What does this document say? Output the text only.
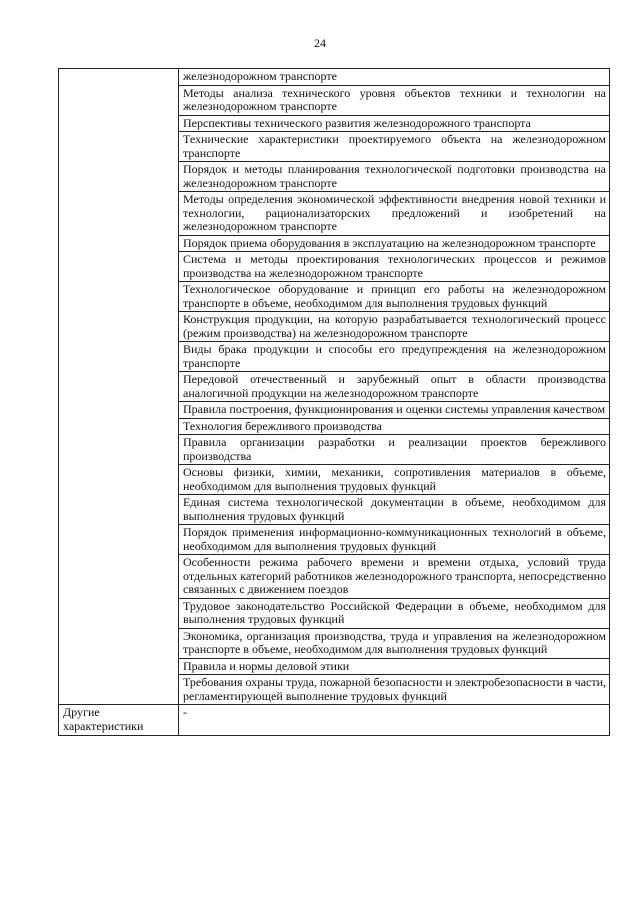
24
	железнодорожном транспорте
	Методы анализа технического уровня объектов техники и технологии на железнодорожном транспорте
	Перспективы технического развития железнодорожного транспорта
	Технические характеристики проектируемого объекта на железнодорожном транспорте
	Порядок и методы планирования технологической подготовки производства на железнодорожном транспорте
	Методы определения экономической эффективности внедрения новой техники и технологии, рационализаторских предложений и изобретений на железнодорожном транспорте
	Порядок приема оборудования в эксплуатацию на железнодорожном транспорте
	Система и методы проектирования технологических процессов и режимов производства на железнодорожном транспорте
	Технологическое оборудование и принцип его работы на железнодорожном транспорте в объеме, необходимом для выполнения трудовых функций
	Конструкция продукции, на которую разрабатывается технологический процесс (режим производства) на железнодорожном транспорте
	Виды брака продукции и способы его предупреждения на железнодорожном транспорте
	Передовой отечественный и зарубежный опыт в области производства аналогичной продукции на железнодорожном транспорте
	Правила построения, функционирования и оценки системы управления качеством
	Технология бережливого производства
	Правила организации разработки и реализации проектов бережливого производства
	Основы физики, химии, механики, сопротивления материалов в объеме, необходимом для выполнения трудовых функций
	Единая система технологической документации в объеме, необходимом для выполнения трудовых функций
	Порядок применения информационно-коммуникационных технологий в объеме, необходимом для выполнения трудовых функций
	Особенности режима рабочего времени и времени отдыха, условий труда отдельных категорий работников железнодорожного транспорта, непосредственно связанных с движением поездов
	Трудовое законодательство Российской Федерации в объеме, необходимом для выполнения трудовых функций
	Экономика, организация производства, труда и управления на железнодорожном транспорте в объеме, необходимом для выполнения трудовых функций
	Правила и нормы деловой этики
	Требования охраны труда, пожарной безопасности и электробезопасности в части, регламентирующей выполнение трудовых функций
Другие характеристики	-
